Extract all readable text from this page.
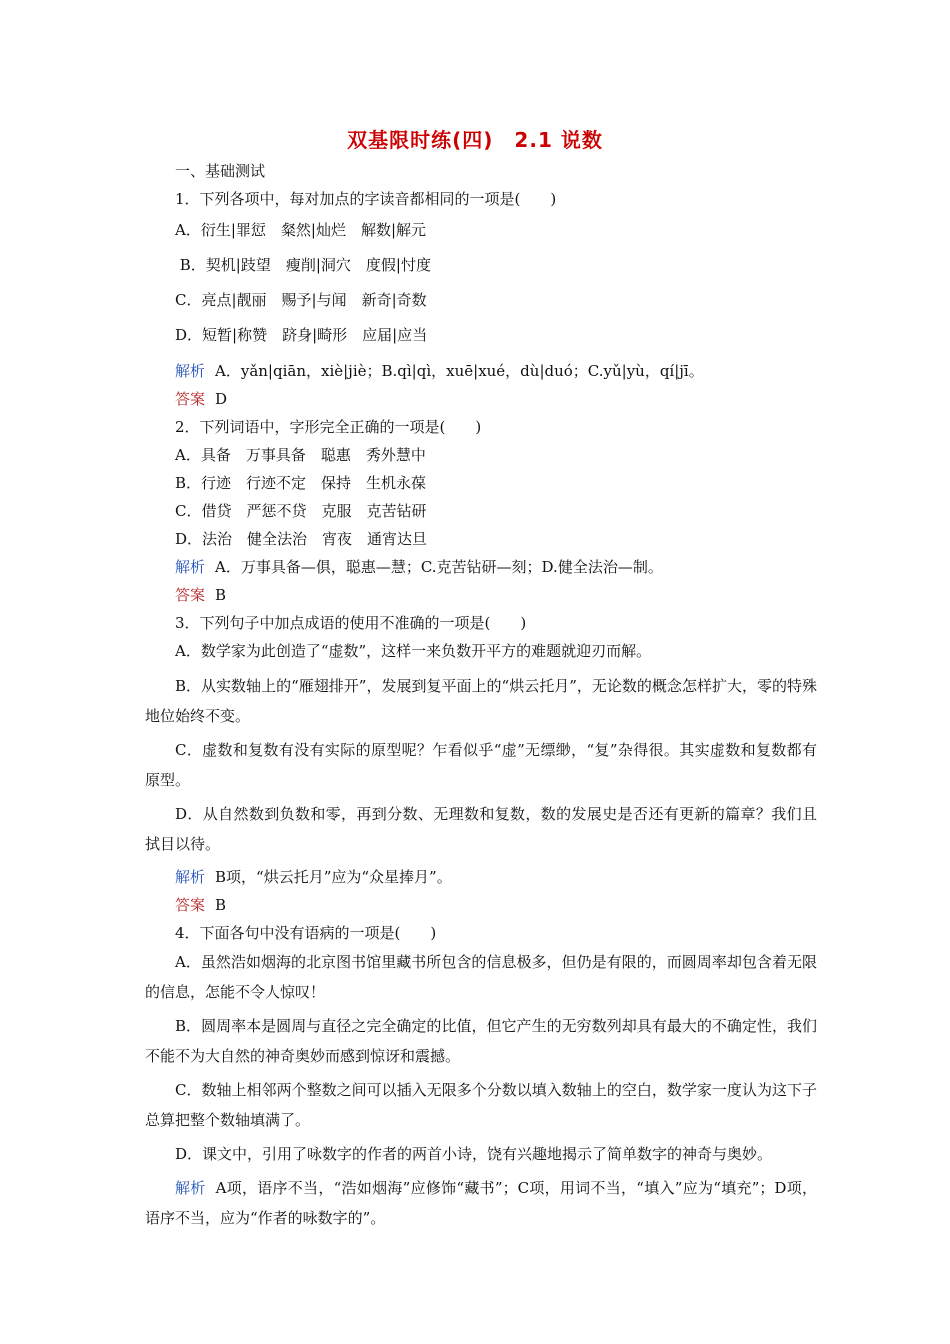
双基限时练(四)　2.1 说数
一、基础测试
1．下列各项中，每对加点的字读音都相同的一项是(　　)
A．衍生|罪愆　粲然|灿烂　解数|解元
B．契机|跂望　瘦削|洞穴　度假|忖度
C．亮点|靓丽　赐予|与闻　新奇|奇数
D．短暂|称赞　跻身|畸形　应届|应当
解析 A．yǎn|qiān，xiè|jiè；B.qì|qì，xuē|xué，dù|duó；C.yǔ|yù，qí|jī。
答案 D
2．下列词语中，字形完全正确的一项是(　　)
A．具备　万事具备　聪惠　秀外慧中
B．行迹　行迹不定　保持　生机永葆
C．借贷　严惩不贷　克服　克苦钻研
D．法治　健全法治　宵夜　通宵达旦
解析 A．万事具备—俱，聪惠—慧；C.克苦钻研—刻；D.健全法治—制。
答案 B
3．下列句子中加点成语的使用不准确的一项是(　　)
A．数学家为此创造了“虚数”，这样一来负数开平方的难题就迎刃而解。

B．从实数轴上的“雁翅排开”，发展到复平面上的“烘云托月”，无论数的概念怎样扩大，零的特殊地位始终不变。

C．虚数和复数有没有实际的原型呢？乍看似乎“虚”无缥缈，“复”杂得很。其实虚数和复数都有原型。

D．从自然数到负数和零，再到分数、无理数和复数，数的发展史是否还有更新的篇章？我们且拭目以待。

解析 B项，“烘云托月”应为“众星捧月”。
答案 B
4．下面各句中没有语病的一项是(　　)

A．虽然浩如烟海的北京图书馆里藏书所包含的信息极多，但仍是有限的，而圆周率却包含着无限的信息，怎能不令人惊叹！

B．圆周率本是圆周与直径之完全确定的比值，但它产生的无穷数列却具有最大的不确定性，我们不能不为大自然的神奇奥妙而感到惊讶和震撼。

C．数轴上相邻两个整数之间可以插入无限多个分数以填入数轴上的空白，数学家一度认为这下子总算把整个数轴填满了。

D．课文中，引用了咏数字的作者的两首小诗，饶有兴趣地揭示了简单数字的神奇与奥妙。

解析 A项，语序不当，“浩如烟海”应修饰“藏书”；C项，用词不当，“填入”应为“填充”；D项，语序不当，应为“作者的咏数字的”。
